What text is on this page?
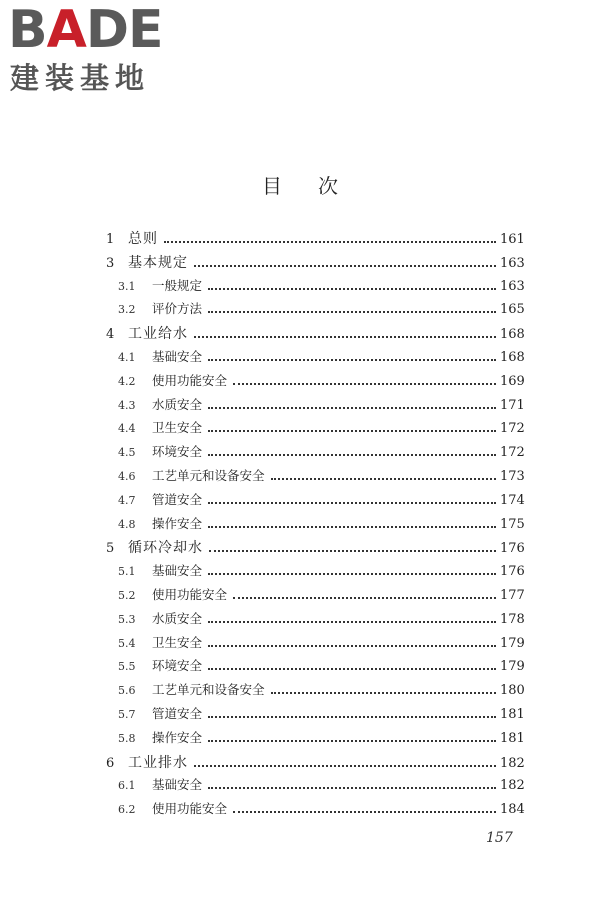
BADE
建装基地
目次
1 总则	161
3 基本规定	163
3.1	一般规定	163
3.2	评价方法	165
4 工业给水	168
4.1	基础安全	168
4.2	使用功能安全	169
4.3	水质安全	171
4.4	卫生安全	172
4.5	环境安全	172
4.6	工艺单元和设备安全	173
4.7	管道安全	174
4.8	操作安全	175
5 循环冷却水	176
5.1	基础安全	176
5.2	使用功能安全	177
5.3	水质安全	178
5.4	卫生安全	179
5.5	环境安全	179
5.6	工艺单元和设备安全	180
5.7	管道安全	181
5.8	操作安全	181
6 工业排水	182
6.1	基础安全	182
6.2	使用功能安全	184
157
